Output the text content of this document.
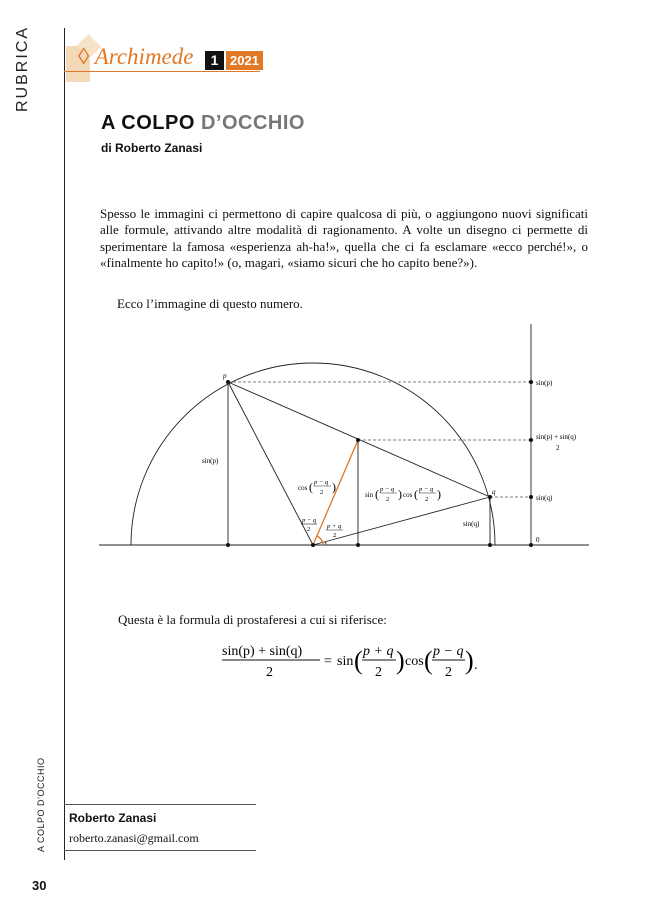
RUBRICA
A COLPO D’OCCHIO
◊ Archimede	1 2021
A COLPO D’OCCHIO
di Roberto Zanasi
Spesso le immagini ci permettono di capire qualcosa di più, o aggiungono nuovi significati alle formule, attivando altre modalità di ragionamento. A volte un disegno ci permette di sperimentare la famosa «esperienza ah-ha!», quella che ci fa esclamare «ecco perché!», o «finalmente ho capito!» (o, magari, «siamo sicuri che ho capito bene?»).
Ecco l’immagine di questo numero.
p
q
sin(p)
cos ( p − q
2 )
sin ( p − q
2 ) cos ( p − q
2 )
p − q
2	p + q
2
sin(q)
sin(p)
sin(p) + sin(q)
2
sin(q)
0
Questa è la formula di prostaferesi a cui si riferisce:
sin(p) + sin(q)
2
= sin ( p + q
2 ) cos ( p − q
2 ) .
Roberto Zanasi
roberto.zanasi@gmail.com
30
